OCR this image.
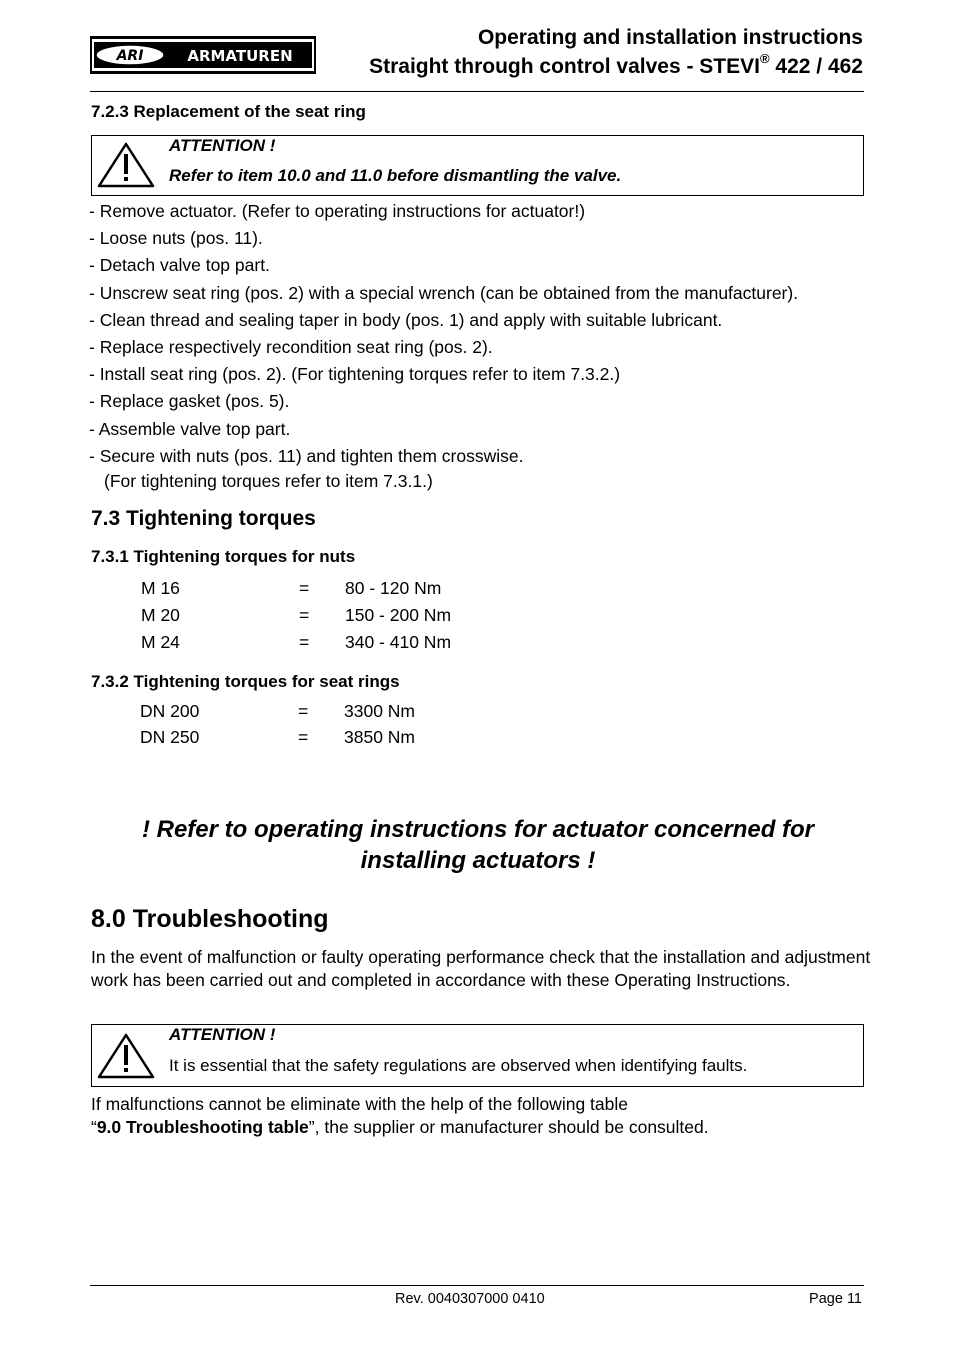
ARI	ARMATUREN
Operating and installation instructions
Straight through control valves - STEVI® 422 / 462
7.2.3 Replacement of the seat ring
ATTENTION !
Refer to item 10.0 and 11.0 before dismantling the valve.
- Remove actuator. (Refer to operating instructions for actuator!)
- Loose nuts (pos. 11).
- Detach valve top part.
- Unscrew seat ring (pos. 2) with a special wrench (can be obtained from the manufacturer).
- Clean thread and sealing taper in body (pos. 1) and apply with suitable lubricant.
- Replace respectively recondition seat ring (pos. 2).
- Install seat ring (pos. 2). (For tightening torques refer to item 7.3.2.)
- Replace gasket (pos. 5).
- Assemble valve top part.
- Secure with nuts (pos. 11) and tighten them crosswise.
(For tightening torques refer to item 7.3.1.)
7.3 Tightening torques
7.3.1 Tightening torques for nuts
M 16	= 80 - 120 Nm
M 20	= 150 - 200 Nm
M 24	= 340 - 410 Nm
7.3.2 Tightening torques for seat rings
DN 200	= 3300 Nm
DN 250	= 3850 Nm
! Refer to operating instructions for actuator concerned for
installing actuators !
8.0 Troubleshooting
In the event of malfunction or faulty operating performance check that the installation and adjustment work has been carried out and completed in accordance with these Operating Instructions.
ATTENTION !
It is essential that the safety regulations are observed when identifying faults.
If malfunctions cannot be eliminate with the help of the following table
“9.0 Troubleshooting table”, the supplier or manufacturer should be consulted.
Rev. 0040307000 0410	Page 11
